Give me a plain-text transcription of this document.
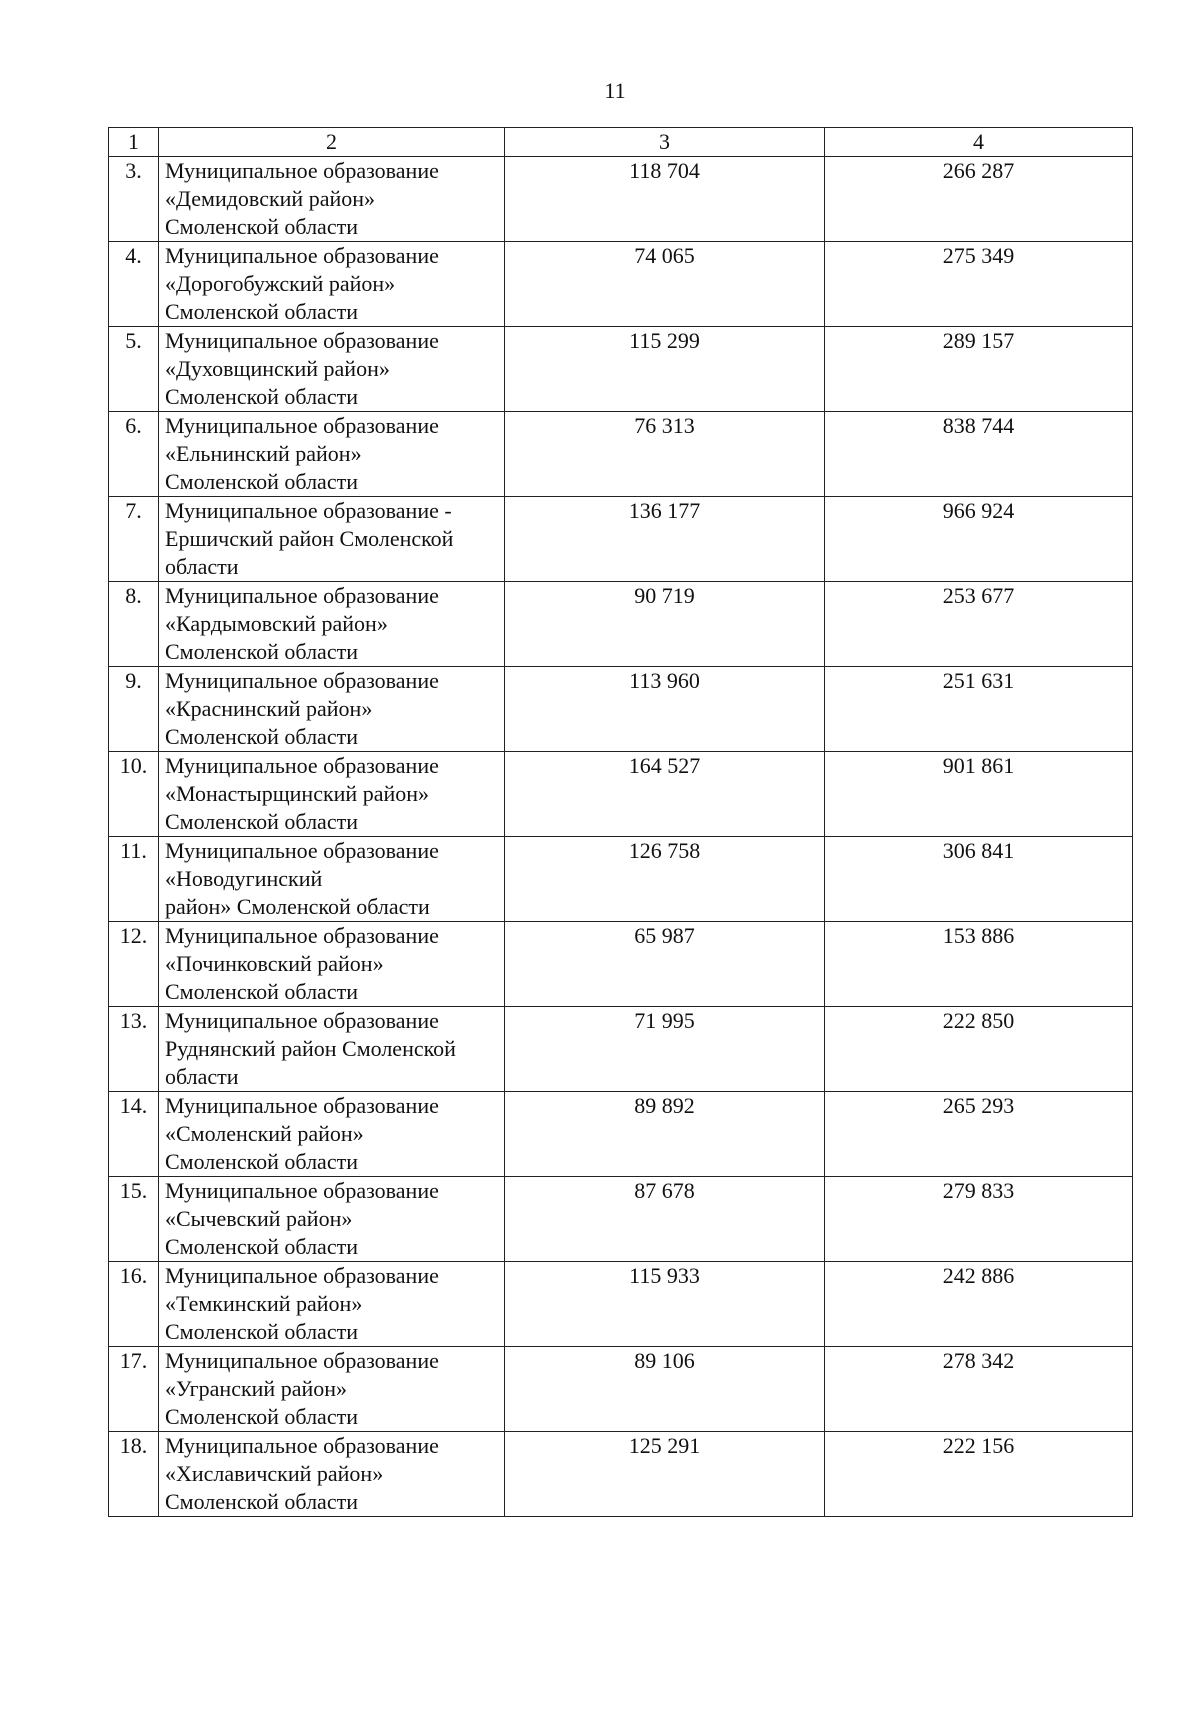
11
1	2	3	4
3.	Муниципальное образование
«Демидовский район»
Смоленской области	118 704	266 287
4.	Муниципальное образование
«Дорогобужский район»
Смоленской области	74 065	275 349
5.	Муниципальное образование
«Духовщинский район»
Смоленской области	115 299	289 157
6.	Муниципальное образование
«Ельнинский район»
Смоленской области	76 313	838 744
7.	Муниципальное образование -
Ершичский район Смоленской
области	136 177	966 924
8.	Муниципальное образование
«Кардымовский район»
Смоленской области	90 719	253 677
9.	Муниципальное образование
«Краснинский район»
Смоленской области	113 960	251 631
10.	Муниципальное образование
«Монастырщинский район»
Смоленской области	164 527	901 861
11.	Муниципальное образование
«Новодугинский
район» Смоленской области	126 758	306 841
12.	Муниципальное образование
«Починковский район»
Смоленской области	65 987	153 886
13.	Муниципальное образование
Руднянский район Смоленской
области	71 995	222 850
14.	Муниципальное образование
«Смоленский район»
Смоленской области	89 892	265 293
15.	Муниципальное образование
«Сычевский район»
Смоленской области	87 678	279 833
16.	Муниципальное образование
«Темкинский район»
Смоленской области	115 933	242 886
17.	Муниципальное образование
«Угранский район»
Смоленской области	89 106	278 342
18.	Муниципальное образование
«Хиславичский район»
Смоленской области	125 291	222 156
